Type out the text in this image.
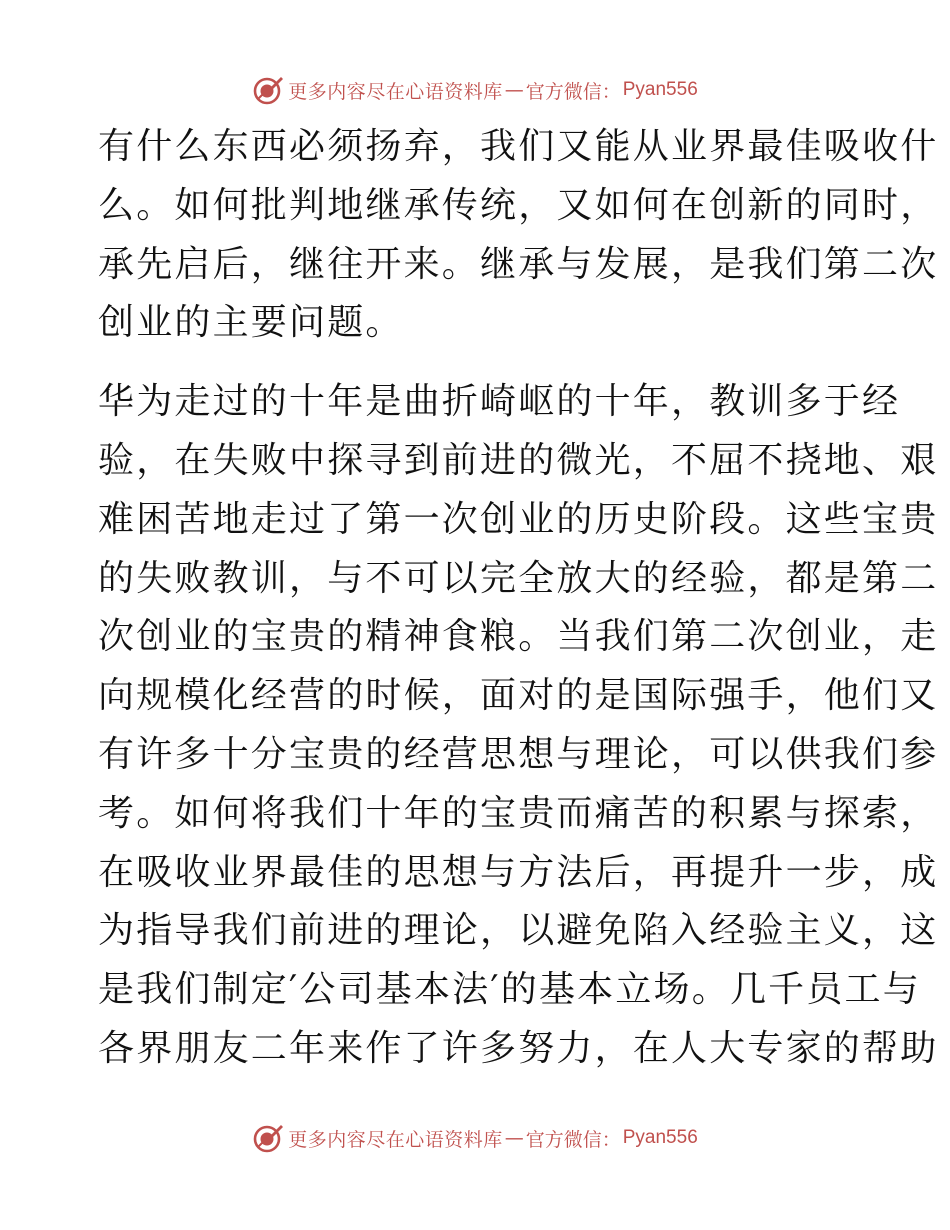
更多内容尽在心语资料库 — 官方微信： Pyan556

有什么东西必须扬弃，我们又能从业界最佳吸收什
么。如何批判地继承传统，又如何在创新的同时，
承先启后，继往开来。继承与发展，是我们第二次
创业的主要问题。

华为走过的十年是曲折崎岖的十年，教训多于经
验，在失败中探寻到前进的微光，不屈不挠地、艰
难困苦地走过了第一次创业的历史阶段。这些宝贵
的失败教训，与不可以完全放大的经验，都是第二
次创业的宝贵的精神食粮。当我们第二次创业，走
向规模化经营的时候，面对的是国际强手，他们又
有许多十分宝贵的经营思想与理论，可以供我们参
考。如何将我们十年的宝贵而痛苦的积累与探索，
在吸收业界最佳的思想与方法后，再提升一步，成
为指导我们前进的理论，以避免陷入经验主义，这
是我们制定′公司基本法′的基本立场。几千员工与
各界朋友二年来作了许多努力，在人大专家的帮助

更多内容尽在心语资料库 — 官方微信： Pyan556
